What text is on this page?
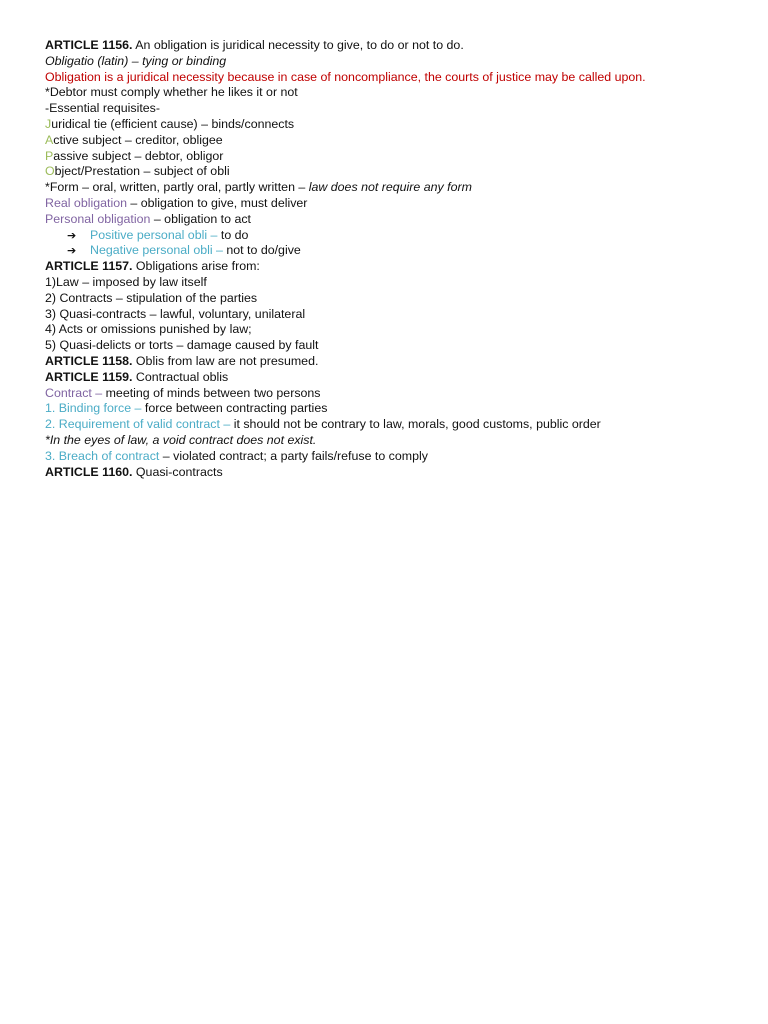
ARTICLE 1156. An obligation is juridical necessity to give, to do or not to do.
Obligatio (latin) – tying or binding
Obligation is a juridical necessity because in case of noncompliance, the courts of justice may be called upon.
*Debtor must comply whether he likes it or not
-Essential requisites-
Juridical tie (efficient cause) – binds/connects
Active subject – creditor, obligee
Passive subject – debtor, obligor
Object/Prestation – subject of obli
*Form – oral, written, partly oral, partly written – law does not require any form
Real obligation – obligation to give, must deliver
Personal obligation – obligation to act
➔ Positive personal obli – to do
➔ Negative personal obli – not to do/give
ARTICLE 1157. Obligations arise from:
1)Law – imposed by law itself
2) Contracts – stipulation of the parties
3) Quasi-contracts – lawful, voluntary, unilateral
4) Acts or omissions punished by law;
5) Quasi-delicts or torts – damage caused by fault
ARTICLE 1158. Oblis from law are not presumed.
ARTICLE 1159. Contractual oblis
Contract – meeting of minds between two persons
1. Binding force – force between contracting parties
2. Requirement of valid contract – it should not be contrary to law, morals, good customs, public order
*In the eyes of law, a void contract does not exist.
3. Breach of contract – violated contract; a party fails/refuse to comply
ARTICLE 1160. Quasi-contracts
